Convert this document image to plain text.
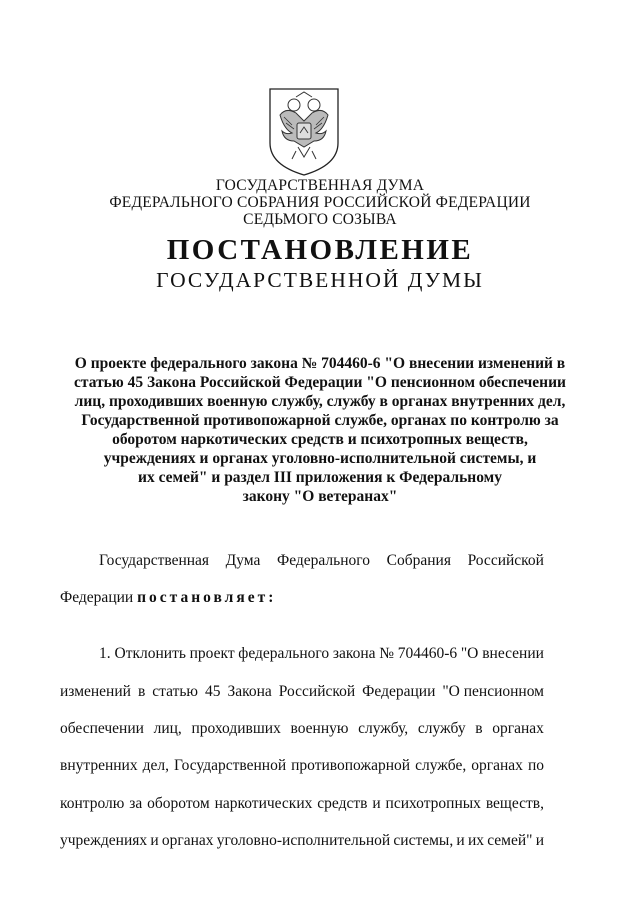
ГОСУДАРСТВЕННАЯ ДУМА
ФЕДЕРАЛЬНОГО СОБРАНИЯ РОССИЙСКОЙ ФЕДЕРАЦИИ
СЕДЬМОГО СОЗЫВА
ПОСТАНОВЛЕНИЕ
ГОСУДАРСТВЕННОЙ ДУМЫ
О проекте федерального закона № 704460-6 "О внесении изменений в
статью 45 Закона Российской Федерации "О пенсионном обеспечении
лиц, проходивших военную службу, службу в органах внутренних дел,
Государственной противопожарной службе, органах по контролю за
оборотом наркотических средств и психотропных веществ,
учреждениях и органах уголовно-исполнительной системы, и
их семей" и раздел III приложения к Федеральному
закону "О ветеранах"
Государственная Дума Федерального Собрания Российской
Федерации постановляет:
1. Отклонить проект федерального закона № 704460-6 "О внесении
изменений в статью 45 Закона Российской Федерации "О пенсионном
обеспечении лиц, проходивших военную службу, службу в органах
внутренних дел, Государственной противопожарной службе, органах по
контролю за оборотом наркотических средств и психотропных веществ,
учреждениях и органах уголовно-исполнительной системы, и их семей" и
